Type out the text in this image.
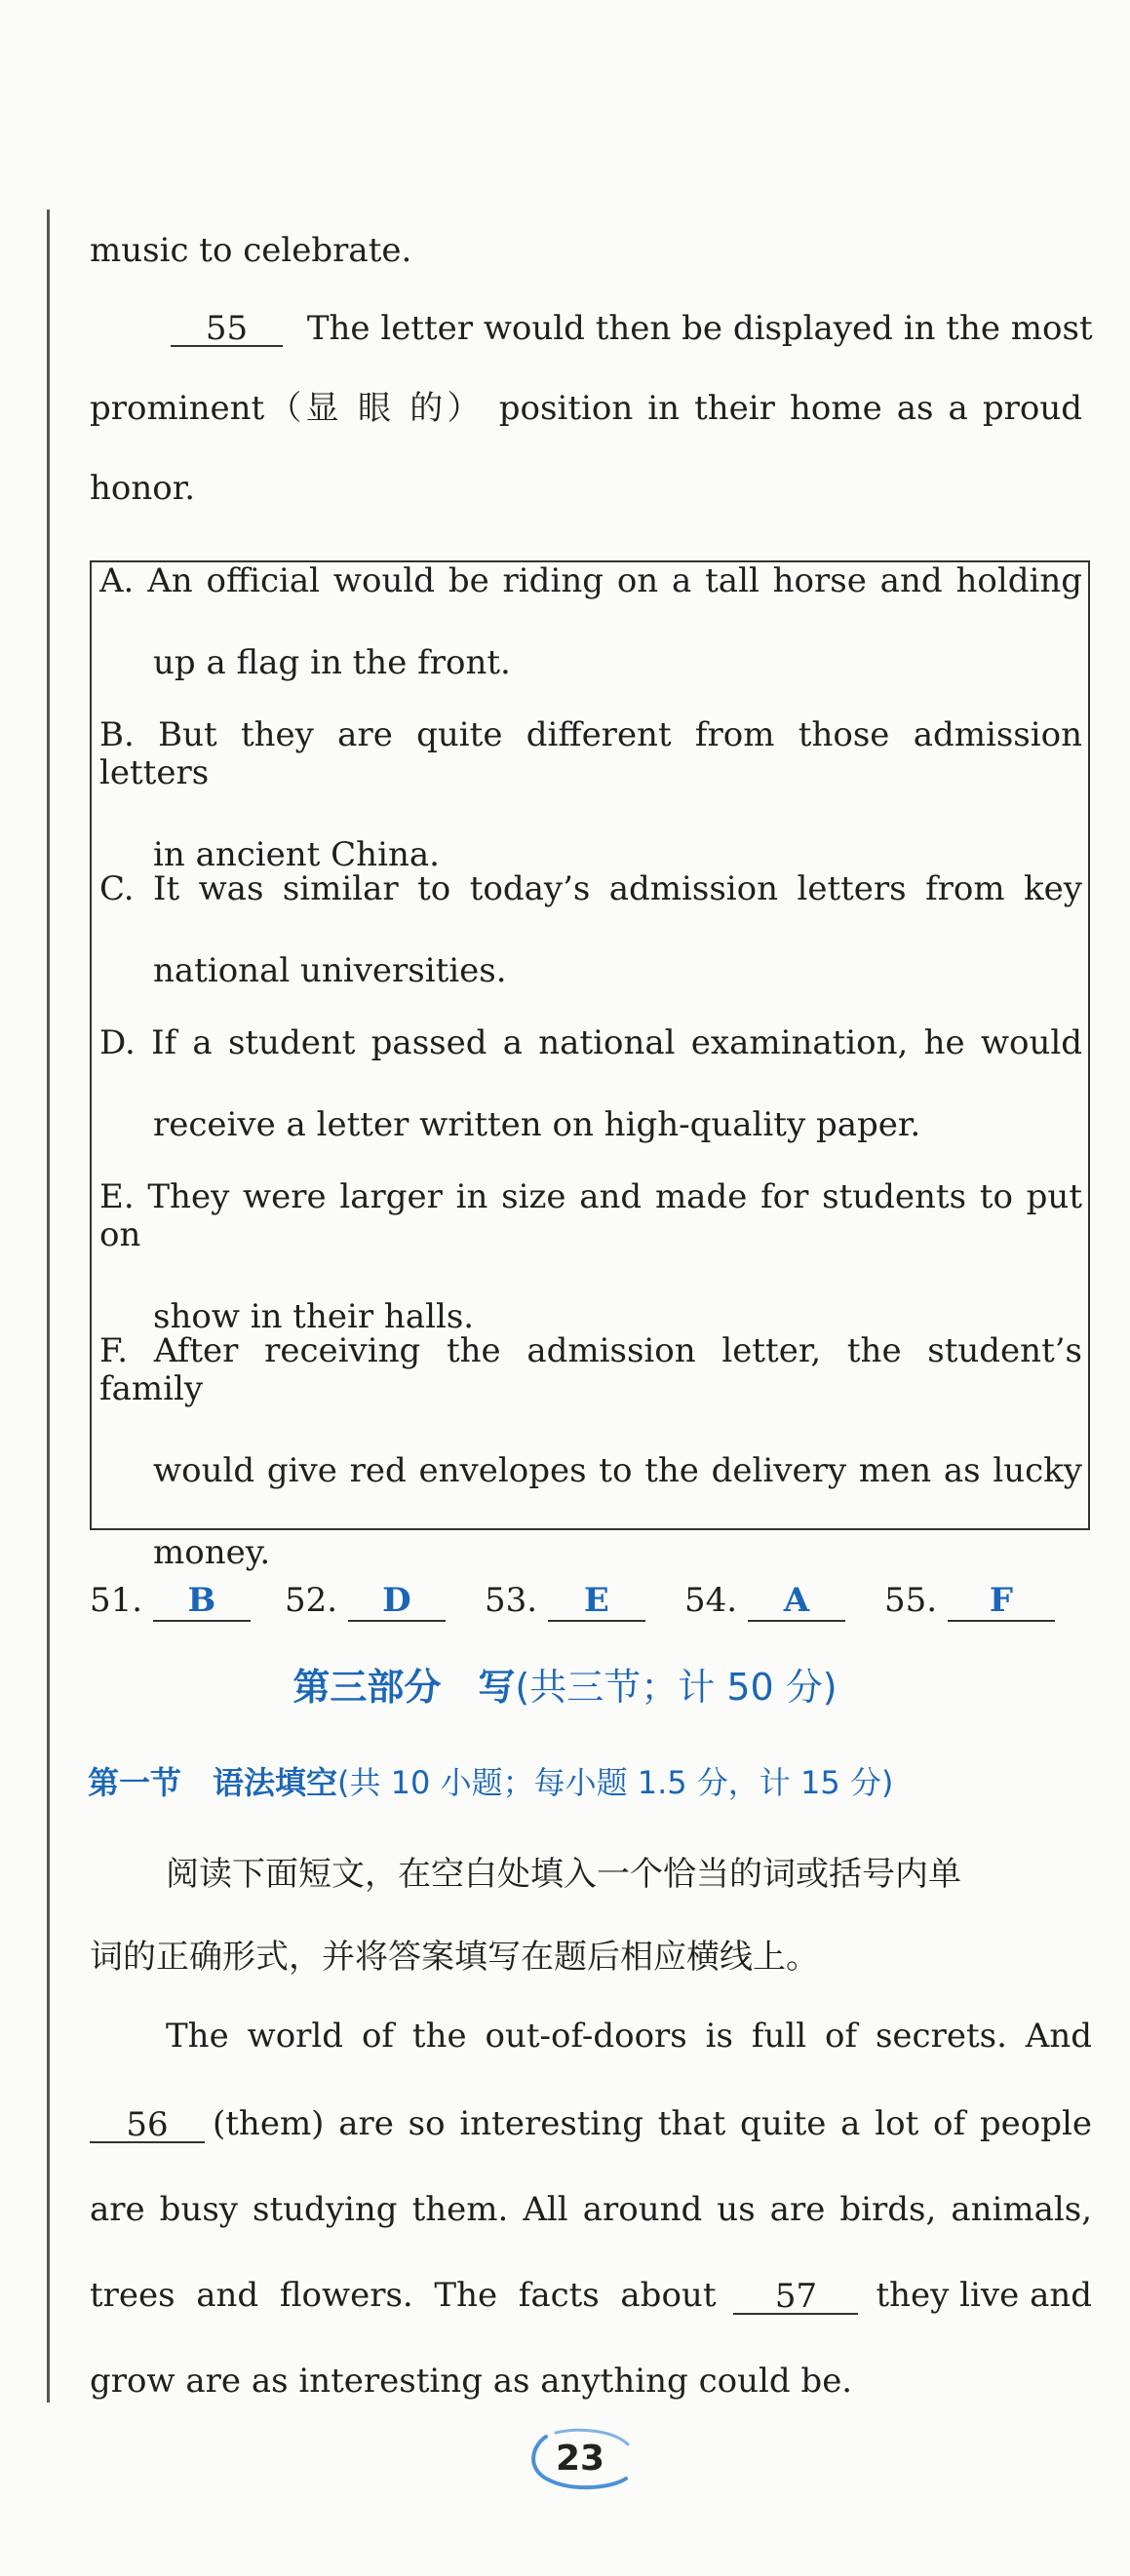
music to celebrate.
55 The letter would then be displayed in the most
prominent（显 眼 的） position in their home as a proud
honor.
A. An official would be riding on a tall horse and holding
up a flag in the front.
B. But they are quite different from those admission letters
in ancient China.
C. It was similar to today’s admission letters from key
national universities.
D. If a student passed a national examination, he would
receive a letter written on high-quality paper.
E. They were larger in size and made for students to put on
show in their halls.
F. After receiving the admission letter, the student’s family
would give red envelopes to the delivery men as lucky
money.
51. B	52. D	53. E	54. A	55. F
第三部分　写(共三节；计 50 分)
第一节　语法填空(共 10 小题；每小题 1.5 分，计 15 分)
阅读下面短文，在空白处填入一个恰当的词或括号内单
词的正确形式，并将答案填写在题后相应横线上。
The world of the out-of-doors is full of secrets. And
56	(them) are so interesting that quite a lot of people
are busy studying them. All around us are birds, animals,
trees and flowers. The facts about	57	they live and
grow are as interesting as anything could be.
23
